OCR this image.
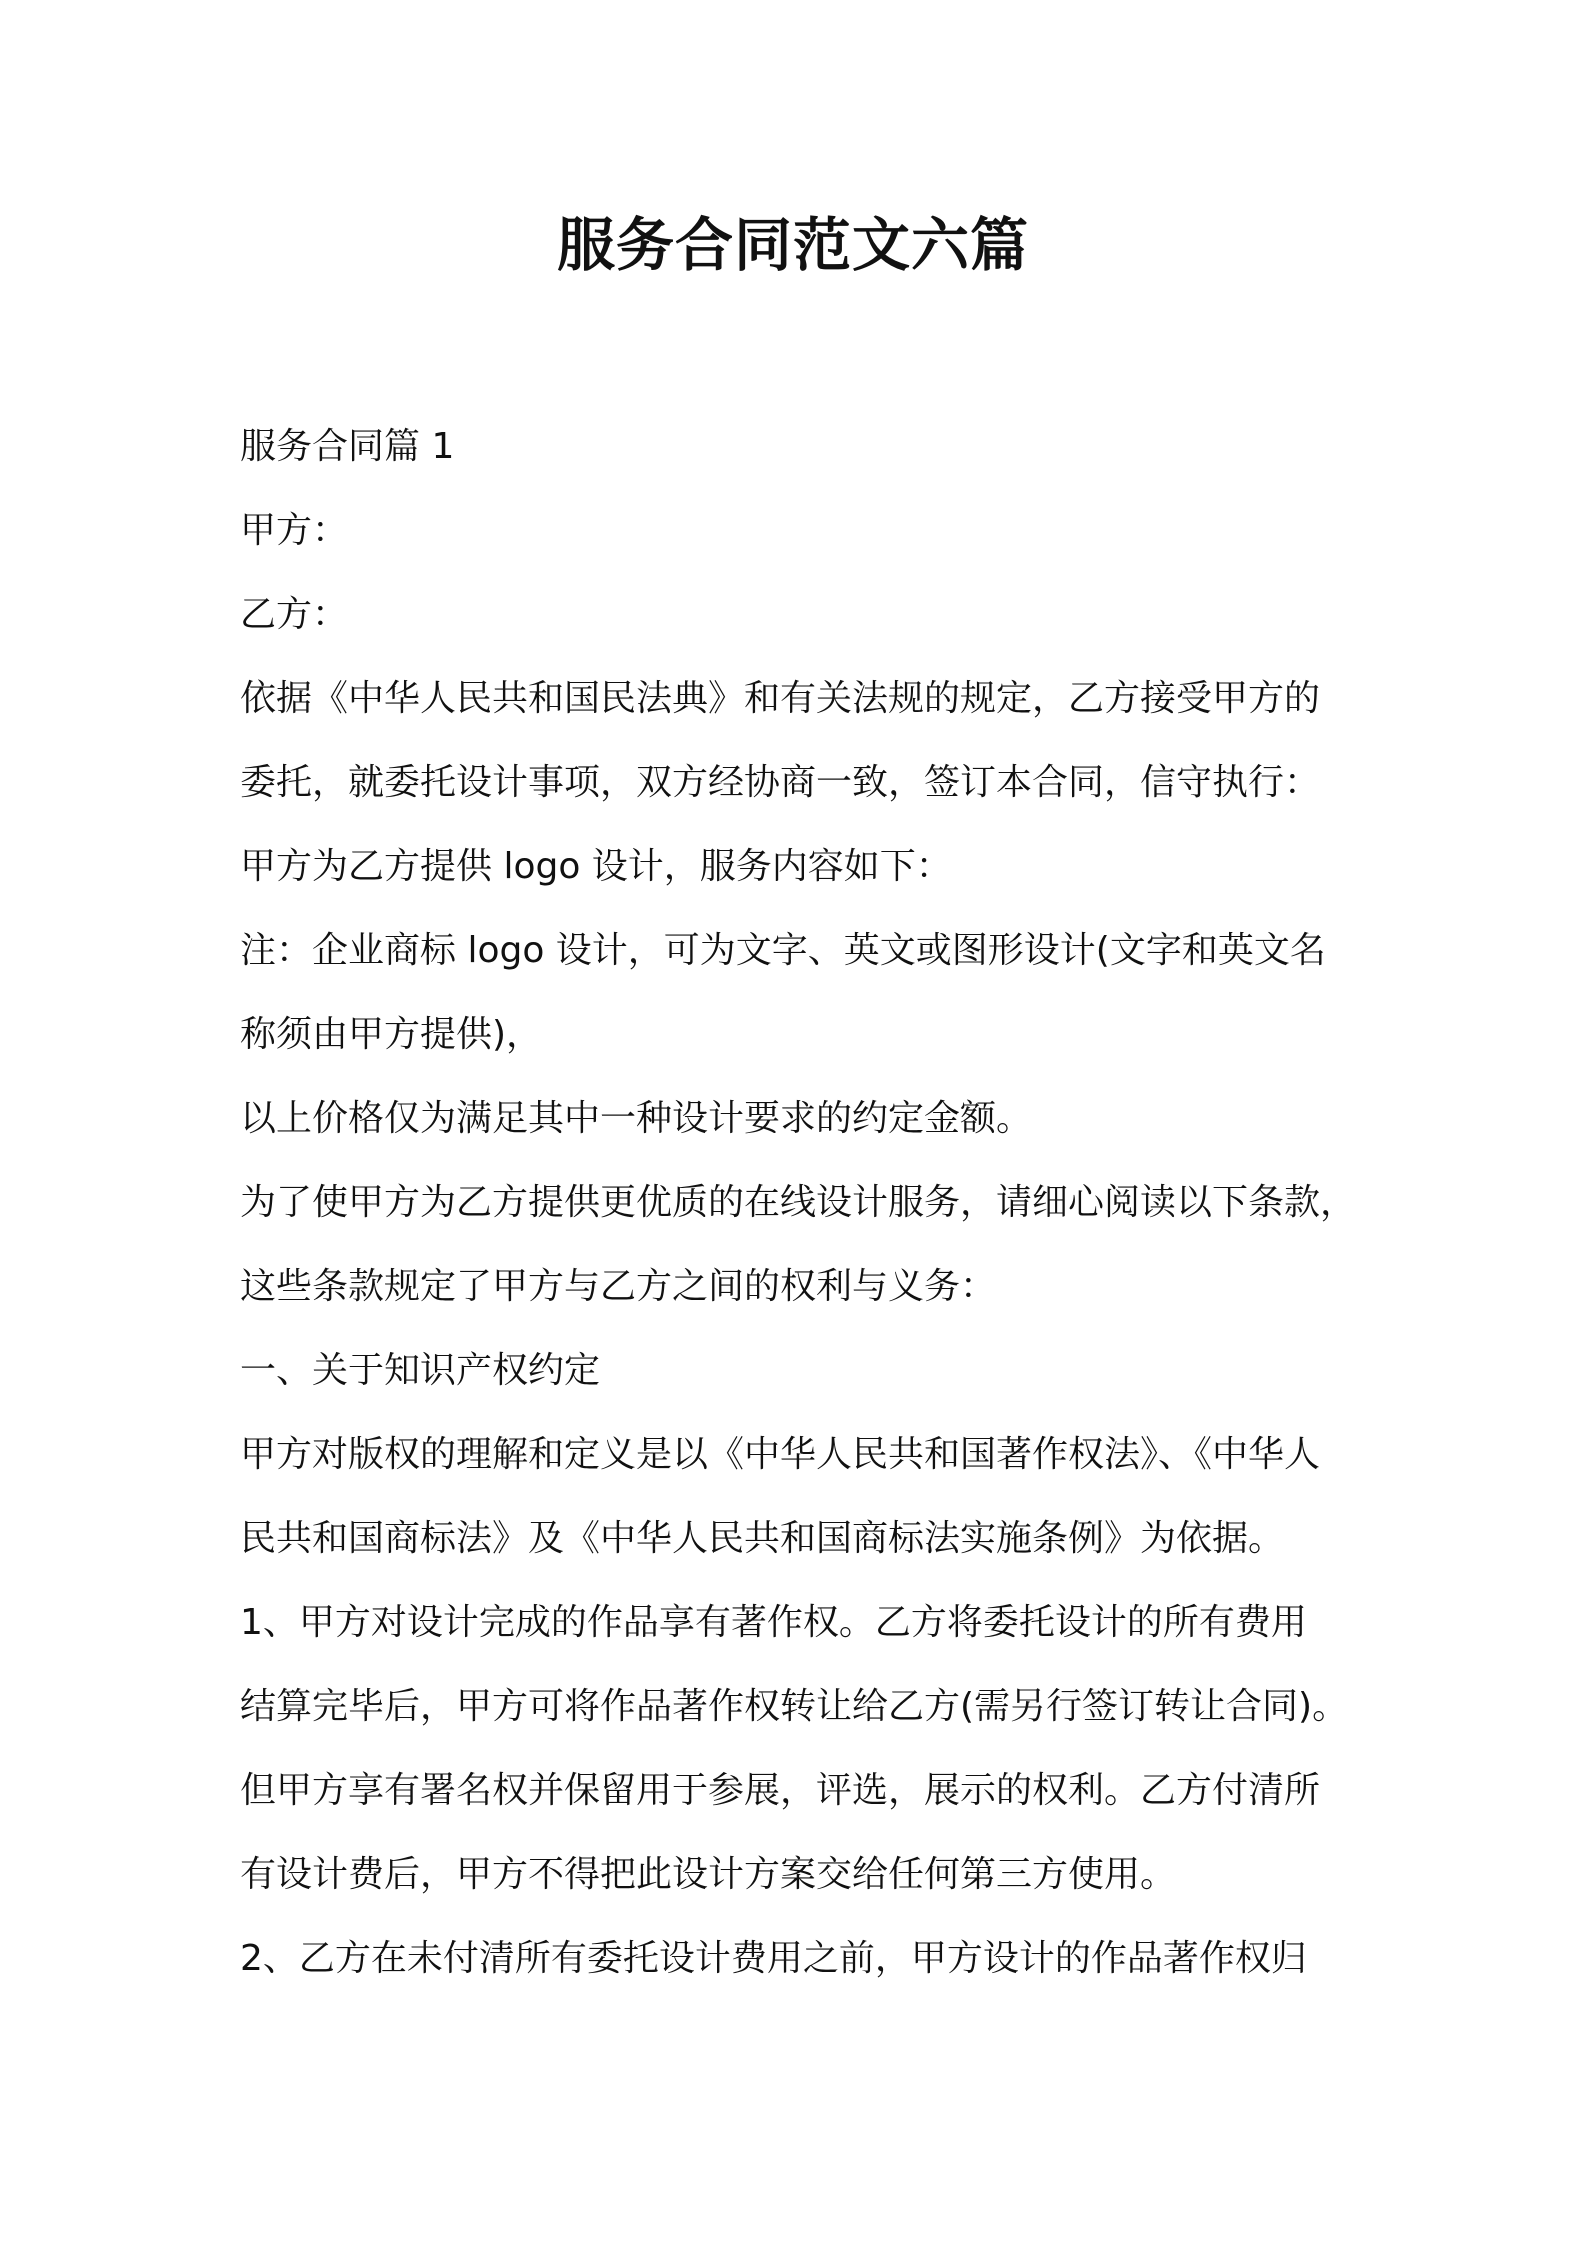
服务合同范文六篇

服务合同篇 1

甲方：

乙方：

依据《中华人民共和国民法典》和有关法规的规定，乙方接受甲方的

委托，就委托设计事项，双方经协商一致，签订本合同，信守执行：

甲方为乙方提供 logo 设计，服务内容如下：

注：企业商标 logo 设计，可为文字、英文或图形设计(文字和英文名

称须由甲方提供)，

以上价格仅为满足其中一种设计要求的约定金额。

为了使甲方为乙方提供更优质的在线设计服务，请细心阅读以下条款，

这些条款规定了甲方与乙方之间的权利与义务：

一、关于知识产权约定

甲方对版权的理解和定义是以《中华人民共和国著作权法》、《中华人

民共和国商标法》及《中华人民共和国商标法实施条例》为依据。

1、甲方对设计完成的作品享有著作权。乙方将委托设计的所有费用

结算完毕后，甲方可将作品著作权转让给乙方(需另行签订转让合同)。

但甲方享有署名权并保留用于参展，评选，展示的权利。乙方付清所

有设计费后，甲方不得把此设计方案交给任何第三方使用。

2、乙方在未付清所有委托设计费用之前，甲方设计的作品著作权归
